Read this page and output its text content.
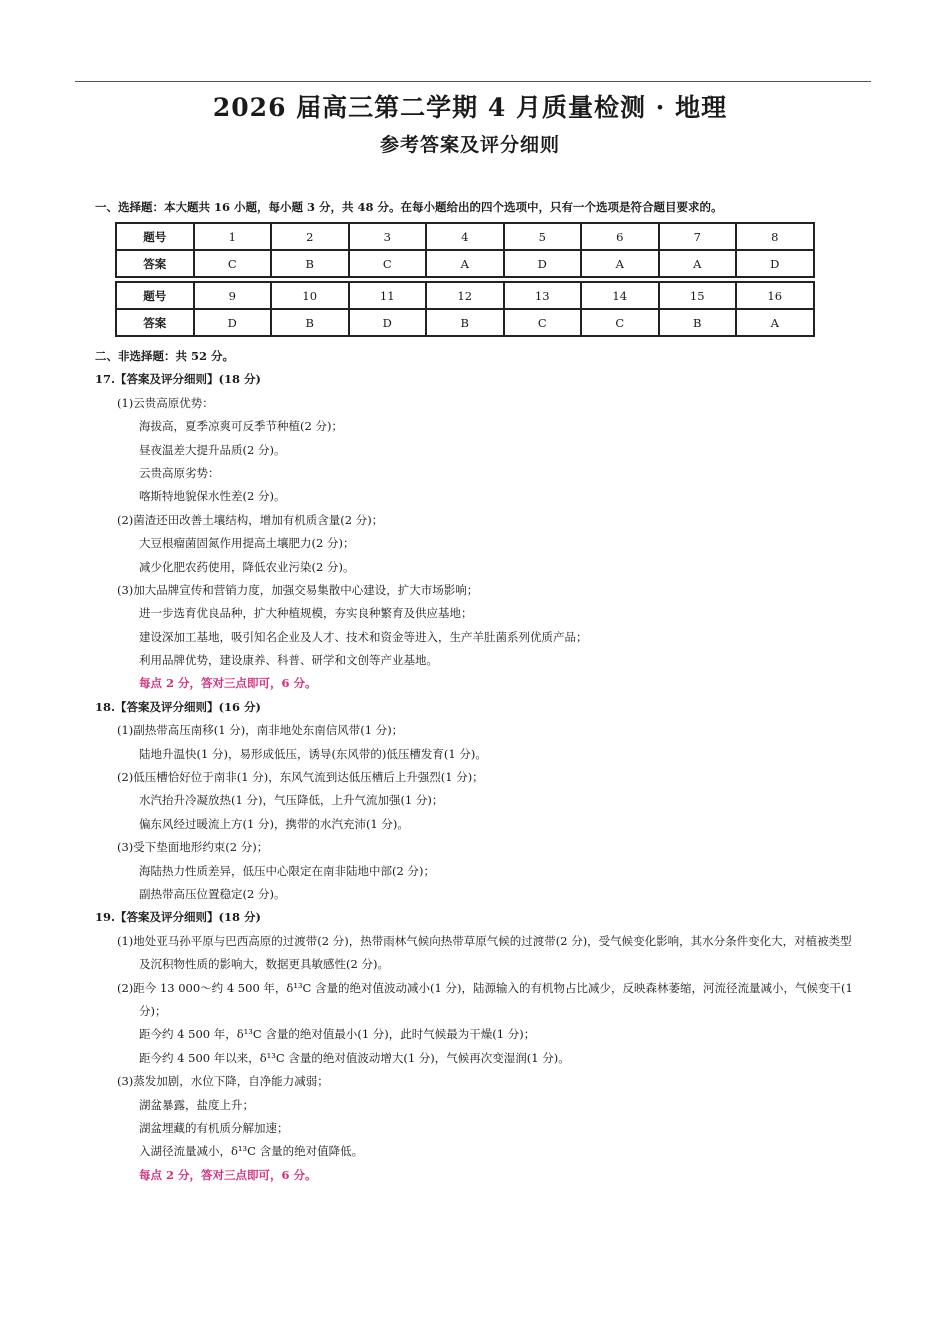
2026 届高三第二学期 4 月质量检测 · 地理
参考答案及评分细则
一、选择题：本大题共 16 小题，每小题 3 分，共 48 分。在每小题给出的四个选项中，只有一个选项是符合题目要求的。
题号	1	2	3	4	5	6	7	8
答案	C	B	C	A	D	A	A	D
题号	9	10	11	12	13	14	15	16
答案	D	B	D	B	C	C	B	A
二、非选择题：共 52 分。
17.【答案及评分细则】(18 分)
(1)云贵高原优势：
海拔高，夏季凉爽可反季节种植(2 分)；
昼夜温差大提升品质(2 分)。
云贵高原劣势：
喀斯特地貌保水性差(2 分)。
(2)菌渣还田改善土壤结构，增加有机质含量(2 分)；
大豆根瘤菌固氮作用提高土壤肥力(2 分)；
减少化肥农药使用，降低农业污染(2 分)。
(3)加大品牌宣传和营销力度，加强交易集散中心建设，扩大市场影响；
进一步选育优良品种，扩大种植规模，夯实良种繁育及供应基地；
建设深加工基地，吸引知名企业及人才、技术和资金等进入，生产羊肚菌系列优质产品；
利用品牌优势，建设康养、科普、研学和文创等产业基地。
每点 2 分，答对三点即可，6 分。
18.【答案及评分细则】(16 分)
(1)副热带高压南移(1 分)，南非地处东南信风带(1 分)；
陆地升温快(1 分)，易形成低压，诱导(东风带的)低压槽发育(1 分)。
(2)低压槽恰好位于南非(1 分)，东风气流到达低压槽后上升强烈(1 分)；
水汽抬升冷凝放热(1 分)，气压降低，上升气流加强(1 分)；
偏东风经过暖流上方(1 分)，携带的水汽充沛(1 分)。
(3)受下垫面地形约束(2 分)；
海陆热力性质差异，低压中心限定在南非陆地中部(2 分)；
副热带高压位置稳定(2 分)。
19.【答案及评分细则】(18 分)
(1)地处亚马孙平原与巴西高原的过渡带(2 分)，热带雨林气候向热带草原气候的过渡带(2 分)，受气候变化影响，其水分条件变化大，对植被类型及沉积物性质的影响大，数据更具敏感性(2 分)。
(2)距今 13 000～约 4 500 年，δ¹³C 含量的绝对值波动减小(1 分)，陆源输入的有机物占比减少，反映森林萎缩，河流径流量减小，气候变干(1 分)；
距今约 4 500 年，δ¹³C 含量的绝对值最小(1 分)，此时气候最为干燥(1 分)；
距今约 4 500 年以来，δ¹³C 含量的绝对值波动增大(1 分)，气候再次变湿润(1 分)。
(3)蒸发加剧，水位下降，自净能力减弱；
湖盆暴露，盐度上升；
湖盆埋藏的有机质分解加速；
入湖径流量减小，δ¹³C 含量的绝对值降低。
每点 2 分，答对三点即可，6 分。
